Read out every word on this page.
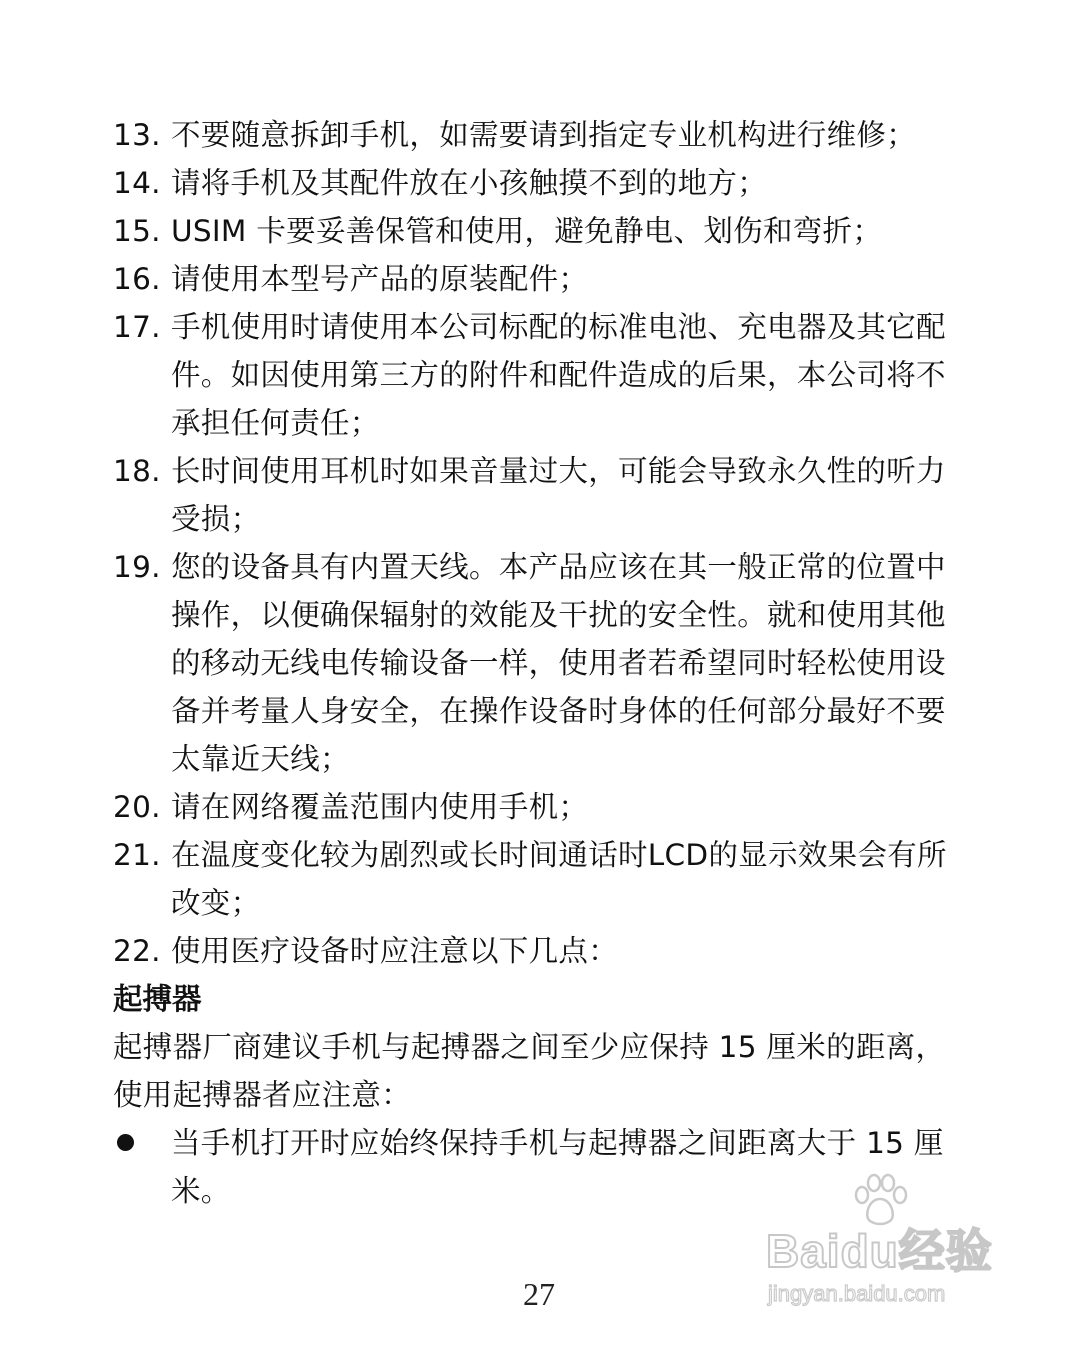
13. 不要随意拆卸手机，如需要请到指定专业机构进行维修；
14. 请将手机及其配件放在小孩触摸不到的地方；
15. USIM 卡要妥善保管和使用，避免静电、划伤和弯折；
16. 请使用本型号产品的原装配件；
17. 手机使用时请使用本公司标配的标准电池、充电器及其它配件。如因使用第三方的附件和配件造成的后果，本公司将不承担任何责任；
18. 长时间使用耳机时如果音量过大，可能会导致永久性的听力受损；
19. 您的设备具有内置天线。本产品应该在其一般正常的位置中操作，以便确保辐射的效能及干扰的安全性。就和使用其他的移动无线电传输设备一样，使用者若希望同时轻松使用设备并考量人身安全，在操作设备时身体的任何部分最好不要太靠近天线；
20. 请在网络覆盖范围内使用手机；
21. 在温度变化较为剧烈或长时间通话时LCD的显示效果会有所改变；
22. 使用医疗设备时应注意以下几点：
起搏器
起搏器厂商建议手机与起搏器之间至少应保持 15 厘米的距离，使用起搏器者应注意：
当手机打开时应始终保持手机与起搏器之间距离大于 15 厘米。
27
Baidu经验
jingyan.baidu.com
